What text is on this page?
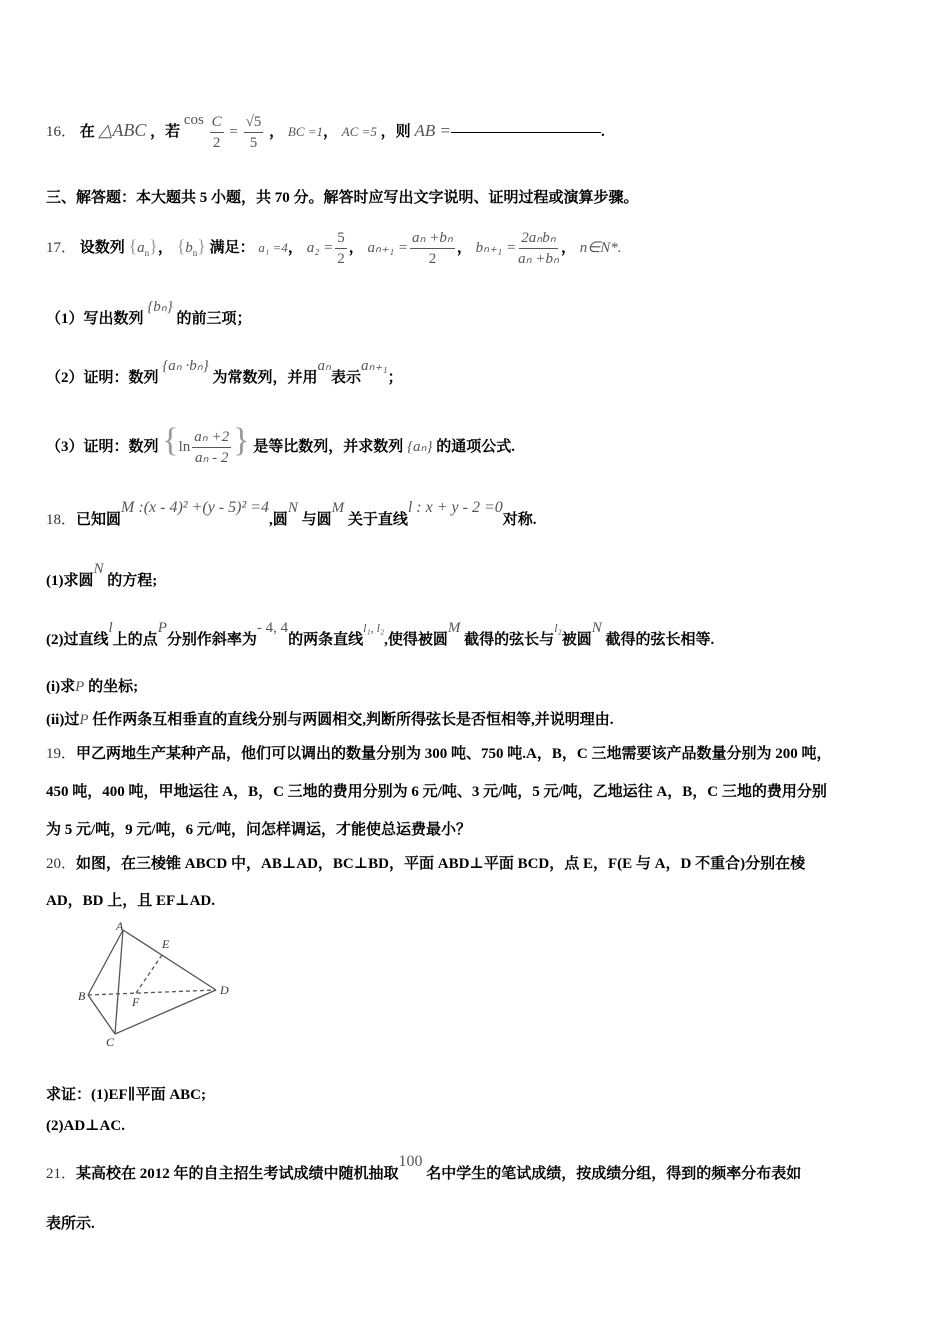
16． 在 △ABC ，若 $\cos \frac{C}{2} = \frac{√5}{5}$ ， BC =1， AC =5 ，则 AB =	.
三、解答题：本大题共 5 小题，共 70 分。解答时应写出文字说明、证明过程或演算步骤。
17． 设数列 $\{a_n\}$， $\{b_n\}$ 满足： a₁ =4， $a_2 = \frac{5}{2}$ ， $a_{n+1} = \frac{\text{aₙ +bₙ}}{2}$ ， $b_{n+1} = \frac{\text{2aₙbₙ}}{\text{aₙ +bₙ}}$ ， n∈N*.
（1）写出数列 {bₙ} 的前三项；
（2）证明：数列 {aₙ ·bₙ} 为常数列，并用aₙ表示aₙ₊₁；
（3）证明：数列 {$\ln \frac{\text{aₙ +2}}{\text{aₙ - 2}}$ } 是等比数列，并求数列 {aₙ} 的通项公式.
18．已知圆M :(x - 4)² +(y - 5)² =4,圆N 与圆M 关于直线l : x + y - 2 =0对称.
(1)求圆N 的方程;
(2)过直线l上的点P分别作斜率为- 4, 4的两条直线$^{l_1, l_2}$,使得被圆M 截得的弦长与$^{l_2}$被圆N 截得的弦长相等.
(i)求P 的坐标;
(ii)过P 任作两条互相垂直的直线分别与两圆相交,判断所得弦长是否恒相等,并说明理由.
19．甲乙两地生产某种产品，他们可以调出的数量分别为 300 吨、750 吨.A，B，C 三地需要该产品数量分别为 200 吨，
450 吨，400 吨，甲地运往 A，B，C 三地的费用分别为 6 元/吨、3 元/吨，5 元/吨，乙地运往 A，B，C 三地的费用分别
为 5 元/吨，9 元/吨，6 元/吨，问怎样调运，才能使总运费最小？
20．如图，在三棱锥 ABCD 中，AB⊥AD，BC⊥BD，平面 ABD⊥平面 BCD，点 E，F(E 与 A，D 不重合)分别在棱
AD，BD 上，且 EF⊥AD.
A
B
C
D
E
F
求证：(1)EF∥平面 ABC;
(2)AD⊥AC.
21．某高校在 2012 年的自主招生考试成绩中随机抽取100 名中学生的笔试成绩，按成绩分组，得到的频率分布表如
表所示.
